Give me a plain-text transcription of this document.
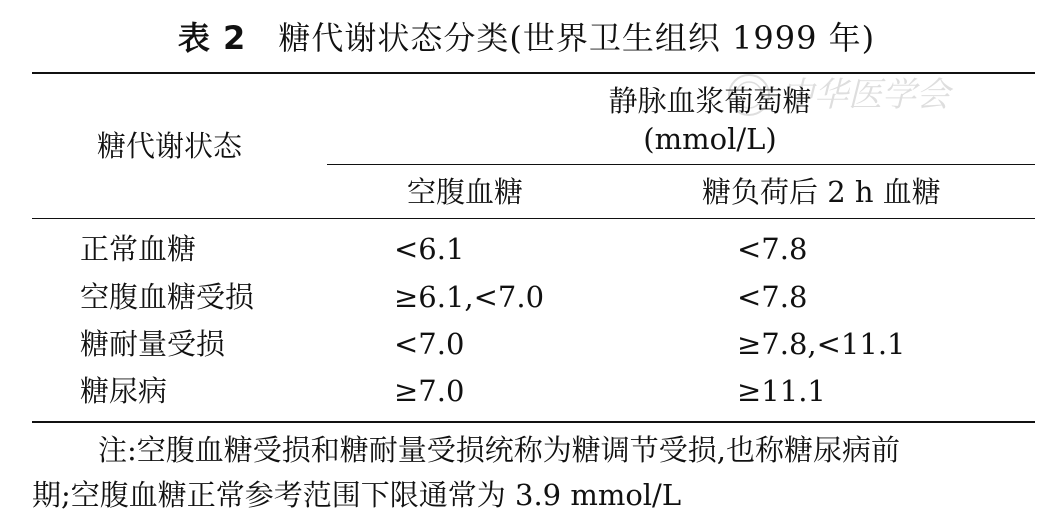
表 2 糖代谢状态分类(世界卫生组织 1999 年)
中华医学会
糖代谢状态
静脉血浆葡萄糖
(mmol/L)
空腹血糖	糖负荷后 2 h 血糖
正常血糖	<6.1	<7.8
空腹血糖受损	≥6.1,<7.0	<7.8
糖耐量受损	<7.0	≥7.8,<11.1
糖尿病	≥7.0	≥11.1
注:空腹血糖受损和糖耐量受损统称为糖调节受损,也称糖尿病前
期;空腹血糖正常参考范围下限通常为 3.9 mmol/L
